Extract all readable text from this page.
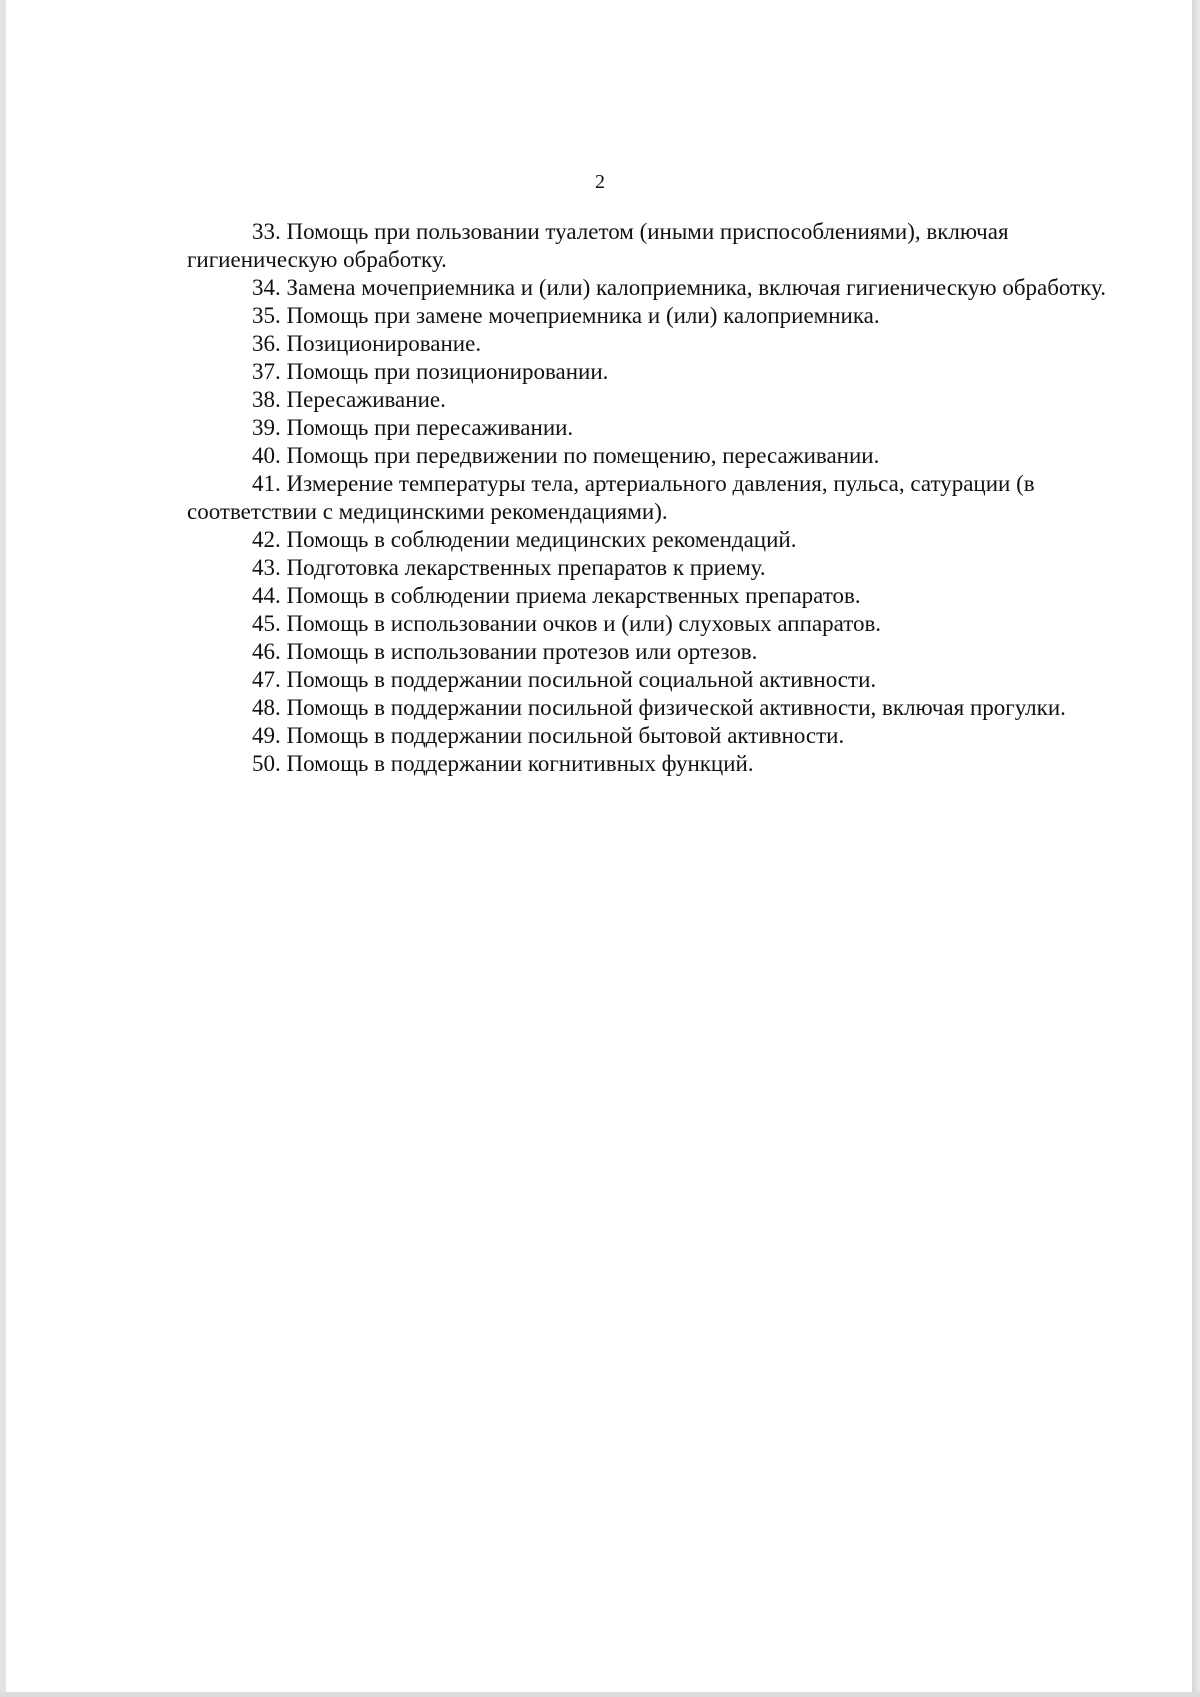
2
33. Помощь при пользовании туалетом (иными приспособлениями), включая гигиеническую обработку.
34. Замена мочеприемника и (или) калоприемника, включая гигиеническую обработку.
35. Помощь при замене мочеприемника и (или) калоприемника.
36. Позиционирование.
37. Помощь при позиционировании.
38. Пересаживание.
39. Помощь при пересаживании.
40. Помощь при передвижении по помещению, пересаживании.
41. Измерение температуры тела, артериального давления, пульса, сатурации (в соответствии с медицинскими рекомендациями).
42. Помощь в соблюдении медицинских рекомендаций.
43. Подготовка лекарственных препаратов к приему.
44. Помощь в соблюдении приема лекарственных препаратов.
45. Помощь в использовании очков и (или) слуховых аппаратов.
46. Помощь в использовании протезов или ортезов.
47. Помощь в поддержании посильной социальной активности.
48. Помощь в поддержании посильной физической активности, включая прогулки.
49. Помощь в поддержании посильной бытовой активности.
50. Помощь в поддержании когнитивных функций.
